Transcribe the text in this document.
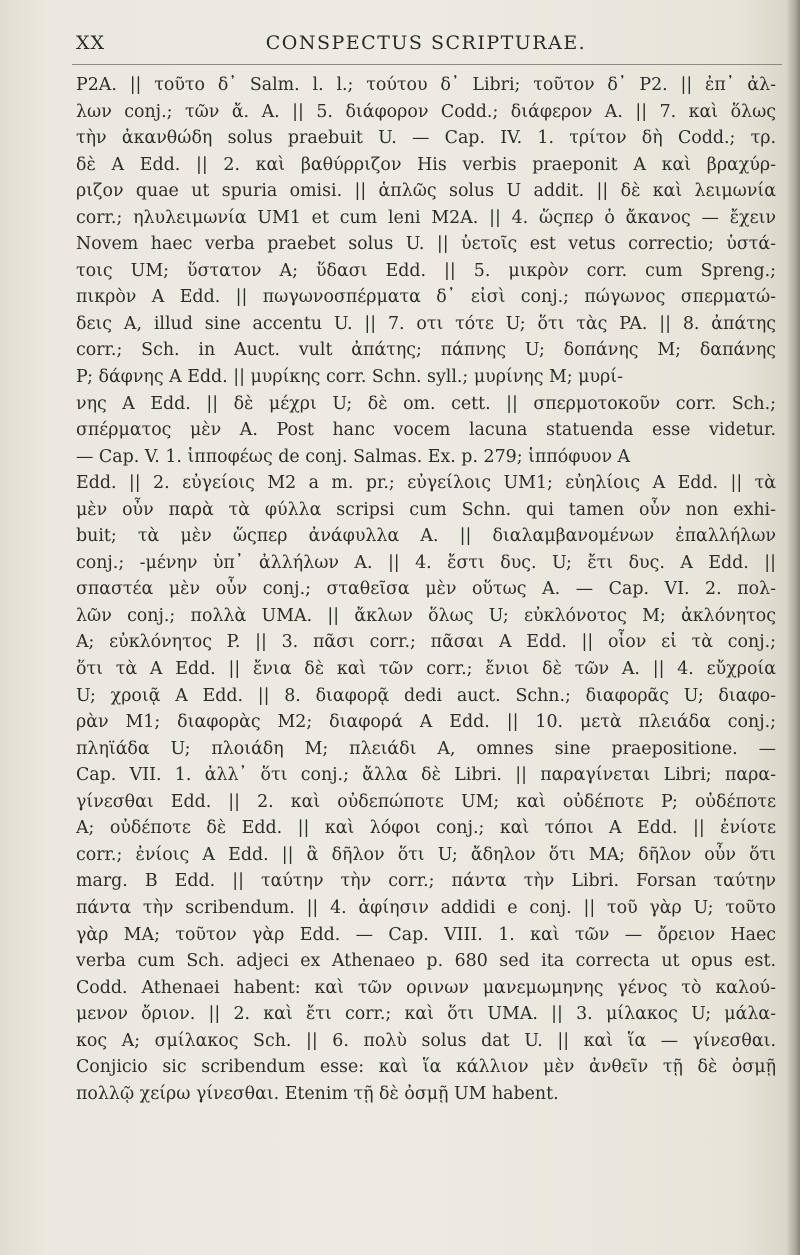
XX	CONSPECTUS SCRIPTURAE.
P2A. || τοῦτο δ᾽ Salm. l. l.; τούτου δ᾽ Libri; τοῦτον δ᾽ P2. || ἐπ᾽ ἀλ-
λων conj.; τῶν ἄ. A. || 5. διάφορον Codd.; διάφερον A. || 7. καὶ ὅλως
τὴν ἀκανθώδη solus praebuit U. — Cap. IV. 1. τρίτον δὴ Codd.; τρ.
δὲ A Edd. || 2. καὶ βαθύρριζον His verbis praeponit A καὶ βραχύρ-
ριζον quae ut spuria omisi. || ἁπλῶς solus U addit. || δὲ καὶ λειμωνία
corr.; ηλυλειμωνία UM1 et cum leni M2A. || 4. ὥςπερ ὁ ἄκανος — ἔχειν
Novem haec verba praebet solus U. || ὑετοῖς est vetus correctio; ὑστά-
τοις UM; ὕστατον A; ὕδασι Edd. || 5. μικρὸν corr. cum Spreng.;
πικρὸν A Edd. || πωγωνοσπέρματα δ᾽ εἰσὶ conj.; πώγωνος σπερματώ-
δεις A, illud sine accentu U. || 7. οτι τότε U; ὅτι τὰς PA. || 8. ἀπάτης
corr.; Sch. in Auct. vult ἀπάτης; πάπνης U; δοπάνης M; δαπάνης
P; δάφνης A Edd. || μυρίκης corr. Schn. syll.; μυρίνης M; μυρί-
νης A Edd. || δὲ μέχρι U; δὲ om. cett. || σπερμοτοκοῦν corr. Sch.;
σπέρματος μὲν A. Post hanc vocem lacuna statuenda esse videtur.
— Cap. V. 1. ἱπποφέως de conj. Salmas. Ex. p. 279; ἱππόφυον A
Edd. || 2. εὐγείοις M2 a m. pr.; εὐγείλοις UM1; εὐηλίοις A Edd. || τὰ
μὲν οὖν παρὰ τὰ φύλλα scripsi cum Schn. qui tamen οὖν non exhi-
buit; τὰ μὲν ὥςπερ ἀνάφυλλα A. || διαλαμβανομένων ἐπαλλήλων
conj.; -μένην ὑπ᾽ ἀλλήλων A. || 4. ἔστι δυς. U; ἔτι δυς. A Edd. ||
σπαστέα μὲν οὖν conj.; σταθεῖσα μὲν οὕτως A. — Cap. VI. 2. πολ-
λῶν conj.; πολλὰ UMA. || ἄκλων ὅλως U; εὐκλόνοτος M; ἀκλόνητος
A; εὐκλόνητος P. || 3. πᾶσι corr.; πᾶσαι A Edd. || οἷον εἰ τὰ conj.;
ὅτι τὰ A Edd. || ἔνια δὲ καὶ τῶν corr.; ἔνιοι δὲ τῶν A. || 4. εὔχροία
U; χροιᾷ A Edd. || 8. διαφορᾷ dedi auct. Schn.; διαφορᾶς U; διαφο-
ρὰν M1; διαφορὰς M2; διαφορά A Edd. || 10. μετὰ πλειάδα conj.;
πληϊάδα U; πλοιάδη M; πλειάδι A, omnes sine praepositione. —
Cap. VII. 1. ἀλλ᾽ ὅτι conj.; ἄλλα δὲ Libri. || παραγίνεται Libri; παρα-
γίνεσθαι Edd. || 2. καὶ οὐδεπώποτε UM; καὶ οὐδέποτε P; οὐδέποτε
A; οὐδέποτε δὲ Edd. || καὶ λόφοι conj.; καὶ τόποι A Edd. || ἐνίοτε
corr.; ἐνίοις A Edd. || ἃ δῆλον ὅτι U; ἄδηλον ὅτι MA; δῆλον οὖν ὅτι
marg. B Edd. || ταύτην τὴν corr.; πάντα τὴν Libri. Forsan ταύτην
πάντα τὴν scribendum. || 4. ἀφίησιν addidi e conj. || τοῦ γὰρ U; τοῦτο
γὰρ MA; τοῦτον γὰρ Edd. — Cap. VIII. 1. καὶ τῶν — ὄρειον Haec
verba cum Sch. adjeci ex Athenaeo p. 680 sed ita correcta ut opus est.
Codd. Athenaei habent: καὶ τῶν ορινων μανεμωμηνης γένος τὸ καλού-
μενον ὄριον. || 2. καὶ ἔτι corr.; καὶ ὅτι UMA. || 3. μίλακος U; μάλα-
κος A; σμίλακος Sch. || 6. πολὺ solus dat U. || καὶ ἵα — γίνεσθαι.
Conjicio sic scribendum esse: καὶ ἵα κάλλιον μὲν ἀνθεῖν τῇ δὲ ὀσμῇ
πολλῷ χείρω γίνεσθαι. Etenim τῇ δὲ ὀσμῇ UM habent.
